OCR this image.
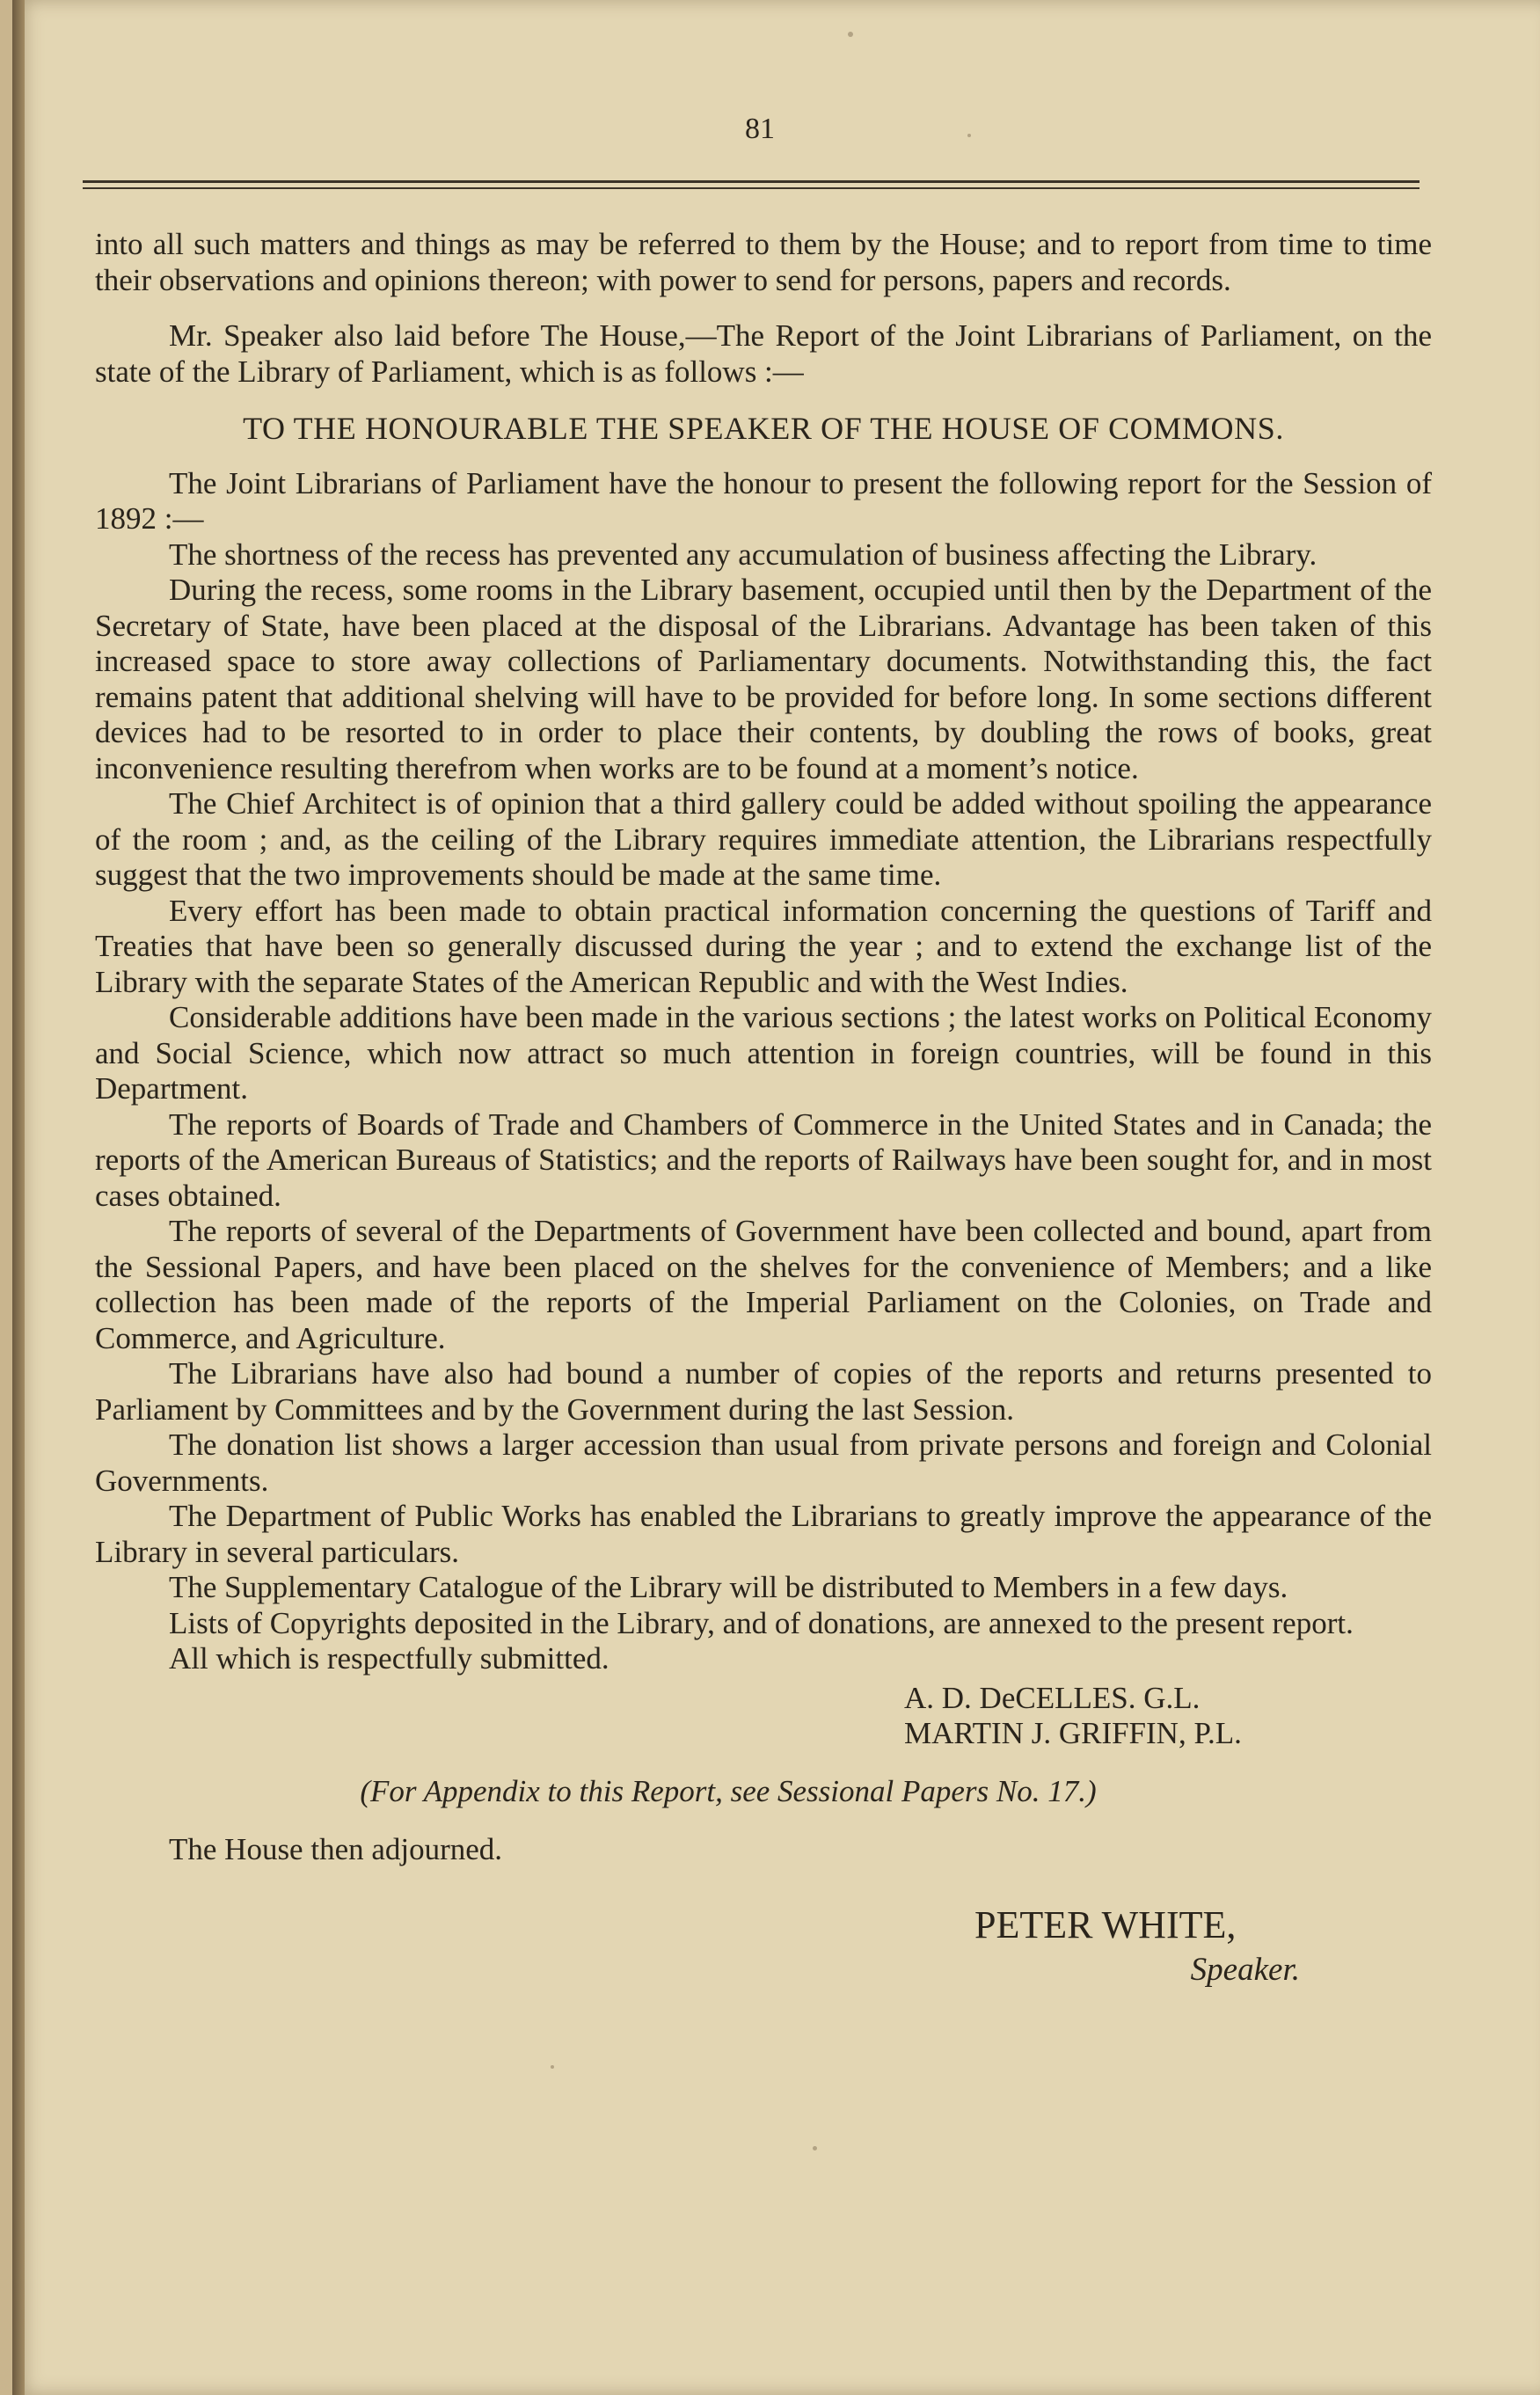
81

into all such matters and things as may be referred to them by the House; and to report from time to time their observations and opinions thereon; with power to send for persons, papers and records.

Mr. Speaker also laid before The House,—The Report of the Joint Librarians of Parliament, on the state of the Library of Parliament, which is as follows :—

TO THE HONOURABLE THE SPEAKER OF THE HOUSE OF COMMONS.

The Joint Librarians of Parliament have the honour to present the following report for the Session of 1892 :—

The shortness of the recess has prevented any accumulation of business affecting the Library.

During the recess, some rooms in the Library basement, occupied until then by the Department of the Secretary of State, have been placed at the disposal of the Librarians. Advantage has been taken of this increased space to store away collections of Parliamentary documents. Notwithstanding this, the fact remains patent that additional shelving will have to be provided for before long. In some sections different devices had to be resorted to in order to place their contents, by doubling the rows of books, great inconvenience resulting therefrom when works are to be found at a moment’s notice.

The Chief Architect is of opinion that a third gallery could be added without spoiling the appearance of the room ; and, as the ceiling of the Library requires immediate attention, the Librarians respectfully suggest that the two improvements should be made at the same time.

Every effort has been made to obtain practical information concerning the questions of Tariff and Treaties that have been so generally discussed during the year ; and to extend the exchange list of the Library with the separate States of the American Republic and with the West Indies.

Considerable additions have been made in the various sections ; the latest works on Political Economy and Social Science, which now attract so much attention in foreign countries, will be found in this Department.

The reports of Boards of Trade and Chambers of Commerce in the United States and in Canada; the reports of the American Bureaus of Statistics; and the reports of Railways have been sought for, and in most cases obtained.

The reports of several of the Departments of Government have been collected and bound, apart from the Sessional Papers, and have been placed on the shelves for the convenience of Members; and a like collection has been made of the reports of the Imperial Parliament on the Colonies, on Trade and Commerce, and Agriculture.

The Librarians have also had bound a number of copies of the reports and returns presented to Parliament by Committees and by the Government during the last Session.

The donation list shows a larger accession than usual from private persons and foreign and Colonial Governments.

The Department of Public Works has enabled the Librarians to greatly improve the appearance of the Library in several particulars.

The Supplementary Catalogue of the Library will be distributed to Members in a few days.

Lists of Copyrights deposited in the Library, and of donations, are annexed to the present report.

All which is respectfully submitted.

A. D. DeCELLES. G.L.
MARTIN J. GRIFFIN, P.L.

(For Appendix to this Report, see Sessional Papers No. 17.)

The House then adjourned.

PETER WHITE,

Speaker.
